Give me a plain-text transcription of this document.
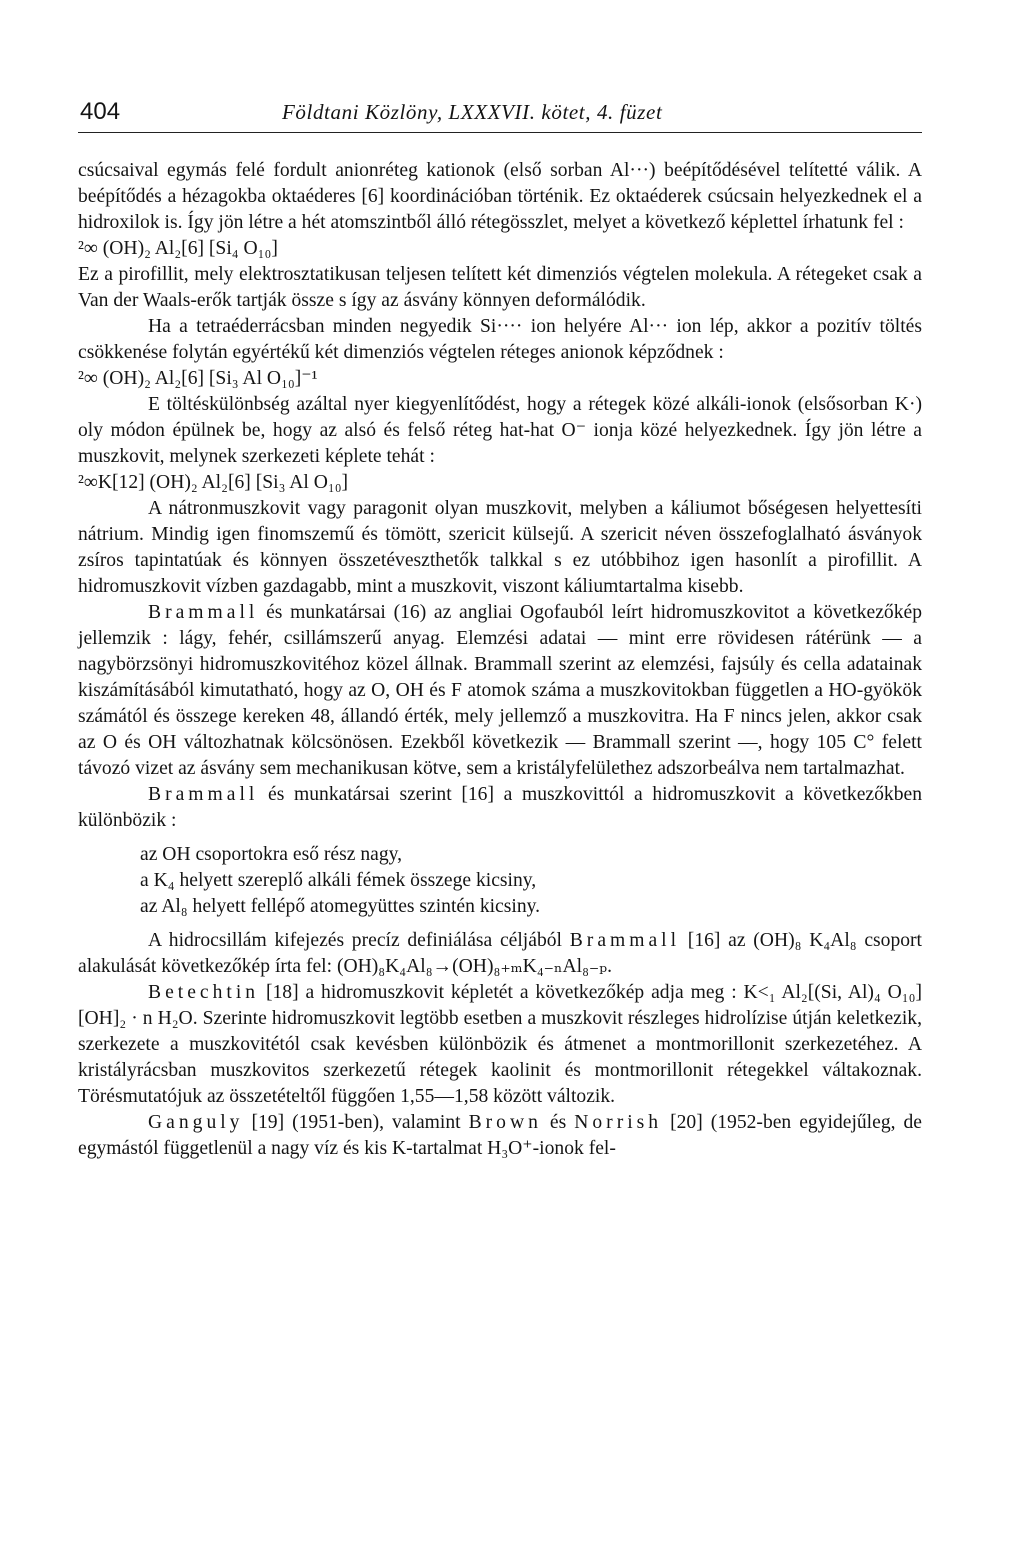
404	Földtani Közlöny, LXXXVII. kötet, 4. füzet

csúcsaival egymás felé fordult anionréteg kationok (első sorban Al···) beépítődésével telítetté válik. A beépítődés a hézagokba oktaéderes [6] koordinációban történik. Ez oktaéderek csúcsain helyezkednek el a hidroxilok is. Így jön létre a hét atomszintből álló rétegösszlet, melyet a következő képlettel írhatunk fel :

²∞ (OH)₂ Al₂[6] [Si₄ O₁₀]

Ez a pirofillit, mely elektrosztatikusan teljesen telített két dimenziós végtelen molekula. A rétegeket csak a Van der Waals-erők tartják össze s így az ásvány könnyen deformálódik.

Ha a tetraéderrácsban minden negyedik Si···· ion helyére Al··· ion lép, akkor a pozitív töltés csökkenése folytán egyértékű két dimenziós végtelen réteges anionok képződnek :

²∞ (OH)₂ Al₂[6] [Si₃ Al O₁₀]⁻¹

E töltéskülönbség azáltal nyer kiegyenlítődést, hogy a rétegek közé alkáli-ionok (elsősorban K·) oly módon épülnek be, hogy az alsó és felső réteg hat-hat O⁻ ionja közé helyezkednek. Így jön létre a muszkovit, melynek szerkezeti képlete tehát :

²∞K[12] (OH)₂ Al₂[6] [Si₃ Al O₁₀]

A nátronmuszkovit vagy paragonit olyan muszkovit, melyben a káliumot bőségesen helyettesíti nátrium. Mindig igen finomszemű és tömött, szericit külsejű. A szericit néven összefoglalható ásványok zsíros tapintatúak és könnyen összetéveszthetők talkkal s ez utóbbihoz igen hasonlít a pirofillit. A hidromuszkovit vízben gazdagabb, mint a muszkovit, viszont káliumtartalma kisebb.

Brammall és munkatársai (16) az angliai Ogofauból leírt hidromuszkovitot a következőkép jellemzik : lágy, fehér, csillámszerű anyag. Elemzési adatai — mint erre rövidesen rátérünk — a nagybörzsönyi hidromuszkovitéhoz közel állnak. Brammall szerint az elemzési, fajsúly és cella adatainak kiszámításából kimutatható, hogy az O, OH és F atomok száma a muszkovitokban független a HO-gyökök számától és összege kereken 48, állandó érték, mely jellemző a muszkovitra. Ha F nincs jelen, akkor csak az O és OH változhatnak kölcsönösen. Ezekből következik — Brammall szerint —, hogy 105 C° felett távozó vizet az ásvány sem mechanikusan kötve, sem a kristályfelülethez adszorbeálva nem tartalmazhat.

Brammall és munkatársai szerint [16] a muszkovittól a hidromuszkovit a következőkben különbözik :

az OH csoportokra eső rész nagy,
a K₄ helyett szereplő alkáli fémek összege kicsiny,
az Al₈ helyett fellépő atomegyüttes szintén kicsiny.

A hidrocsillám kifejezés precíz definiálása céljából Brammall [16] az (OH)₈ K₄Al₈ csoport alakulását következőkép írta fel: (OH)₈K₄Al₈→(OH)₈₊ₘK₄₋ₙAl₈₋ₚ.

Betechtin [18] a hidromuszkovit képletét a következőkép adja meg : K<₁ Al₂[(Si, Al)₄ O₁₀] [OH]₂ · n H₂O. Szerinte hidromuszkovit legtöbb esetben a muszkovit részleges hidrolízise útján keletkezik, szerkezete a muszkovitétól csak kevésben különbözik és átmenet a montmorillonit szerkezetéhez. A kristályrácsban muszkovitos szerkezetű rétegek kaolinit és montmorillonit rétegekkel váltakoznak. Törésmutatójuk az összetételtől függően 1,55—1,58 között változik.

Ganguly [19] (1951-ben), valamint Brown és Norrish [20] (1952-ben egyidejűleg, de egymástól függetlenül a nagy víz és kis K-tartalmat H₃O⁺-ionok fel-
